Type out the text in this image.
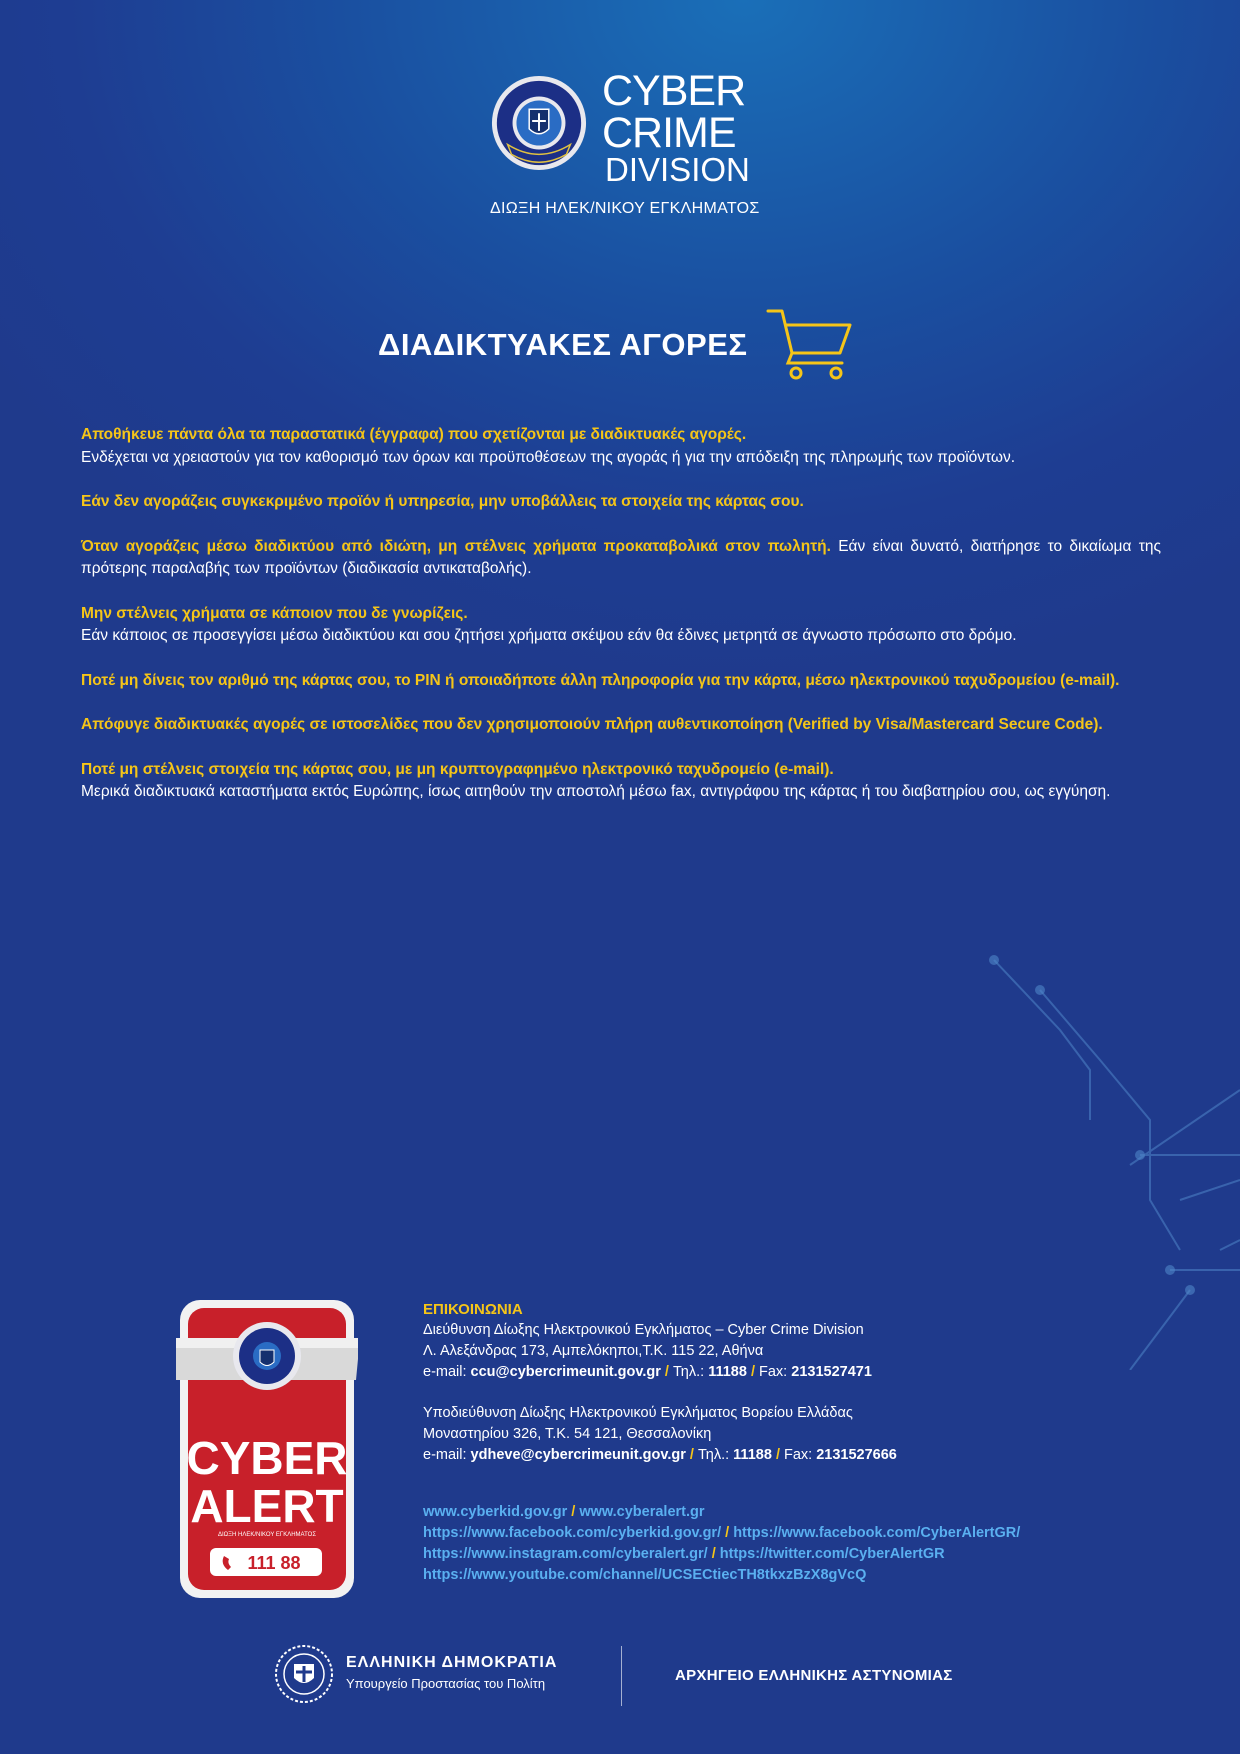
CYBER
CRIME
DIVISION
ΔΙΩΞΗ ΗΛΕΚ/ΝΙΚΟΥ ΕΓΚΛΗΜΑΤΟΣ
ΔΙΑΔΙΚΤΥΑΚΕΣ ΑΓΟΡΕΣ
Αποθήκευε πάντα όλα τα παραστατικά (έγγραφα) που σχετίζονται με διαδικτυακές αγορές.
Ενδέχεται να χρειαστούν για τον καθορισμό των όρων και προϋποθέσεων της αγοράς ή για την απόδειξη της πληρωμής των προϊόντων.
Εάν δεν αγοράζεις συγκεκριμένο προϊόν ή υπηρεσία, μην υποβάλλεις τα στοιχεία της κάρτας σου.
Όταν αγοράζεις μέσω διαδικτύου από ιδιώτη, μη στέλνεις χρήματα προκαταβολικά στον πωλητή. Εάν είναι δυνατό, διατήρησε το δικαίωμα της πρότερης παραλαβής των προϊόντων (διαδικασία αντικαταβολής).
Μην στέλνεις χρήματα σε κάποιον που δε γνωρίζεις.
Εάν κάποιος σε προσεγγίσει μέσω διαδικτύου και σου ζητήσει χρήματα σκέψου εάν θα έδινες μετρητά σε άγνωστο πρόσωπο στο δρόμο.
Ποτέ μη δίνεις τον αριθμό της κάρτας σου, το PIN ή οποιαδήποτε άλλη πληροφορία για την κάρτα, μέσω ηλεκτρονικού ταχυδρομείου (e-mail).
Απόφυγε διαδικτυακές αγορές σε ιστοσελίδες που δεν χρησιμοποιούν πλήρη αυθεντικοποίηση (Verified by Visa/Mastercard Secure Code).
Ποτέ μη στέλνεις στοιχεία της κάρτας σου, με μη κρυπτογραφημένο ηλεκτρονικό ταχυδρομείο (e-mail).
Μερικά διαδικτυακά καταστήματα εκτός Ευρώπης, ίσως αιτηθούν την αποστολή μέσω fax, αντιγράφου της κάρτας ή του διαβατηρίου σου, ως εγγύηση.
CYBER
ALERT
ΔΙΩΞΗ ΗΛΕΚ/ΝΙΚΟΥ ΕΓΚΛΗΜΑΤΟΣ
111 88
ΕΠΙΚΟΙΝΩΝΙΑ
Διεύθυνση Δίωξης Ηλεκτρονικού Εγκλήματος – Cyber Crime Division
Λ. Αλεξάνδρας 173, Αμπελόκηποι,Τ.Κ. 115 22, Αθήνα
e-mail: ccu@cybercrimeunit.gov.gr / Τηλ.: 11188 / Fax: 2131527471
Υποδιεύθυνση Δίωξης Ηλεκτρονικού Εγκλήματος Βορείου Ελλάδας
Μοναστηρίου 326, Τ.Κ. 54 121, Θεσσαλονίκη
e-mail: ydheve@cybercrimeunit.gov.gr / Τηλ.: 11188 / Fax: 2131527666
www.cyberkid.gov.gr / www.cyberalert.gr
https://www.facebook.com/cyberkid.gov.gr/ / https://www.facebook.com/CyberAlertGR/
https://www.instagram.com/cyberalert.gr/ / https://twitter.com/CyberAlertGR
https://www.youtube.com/channel/UCSECtiecTH8tkxzBzX8gVcQ
ΕΛΛΗΝΙΚΗ ΔΗΜΟΚΡΑΤΙΑ
Υπουργείο Προστασίας του Πολίτη	ΑΡΧΗΓΕΙΟ ΕΛΛΗΝΙΚΗΣ ΑΣΤΥΝΟΜΙΑΣ
